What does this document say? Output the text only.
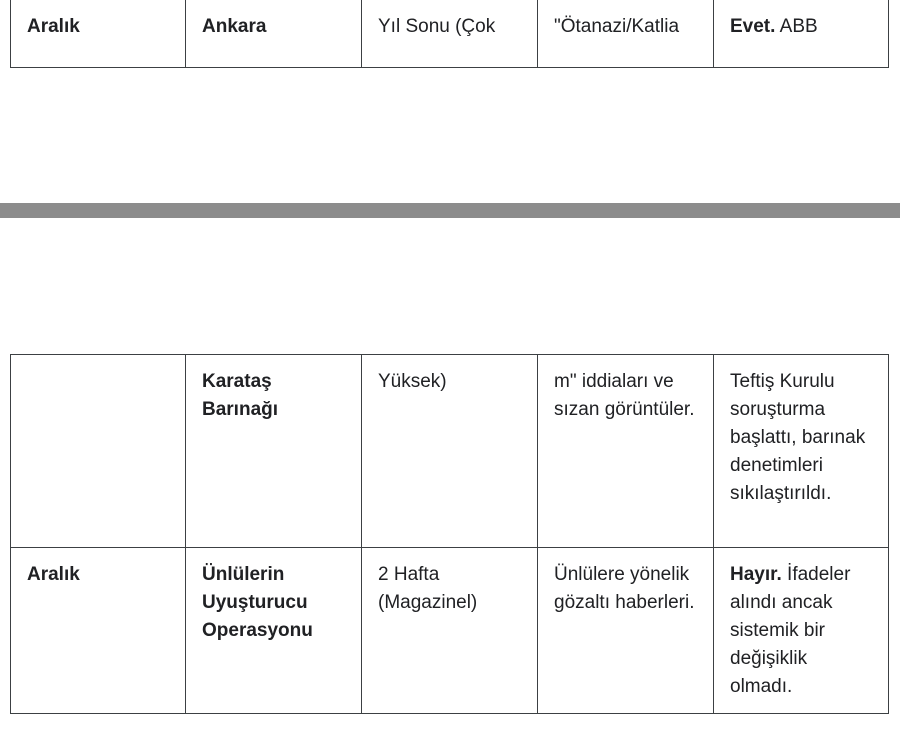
Aralık	Ankara	Yıl Sonu (Çok	"Ötanazi/Katlia	Evet. ABB
	Karataş Barınağı	Yüksek)	m" iddiaları ve sızan görüntüler.	Teftiş Kurulu soruşturma başlattı, barınak denetimleri sıkılaştırıldı.
Aralık	Ünlülerin Uyuşturucu Operasyonu	2 Hafta (Magazinel)	Ünlülere yönelik gözaltı haberleri.	Hayır. İfadeler alındı ancak sistemik bir değişiklik olmadı.
